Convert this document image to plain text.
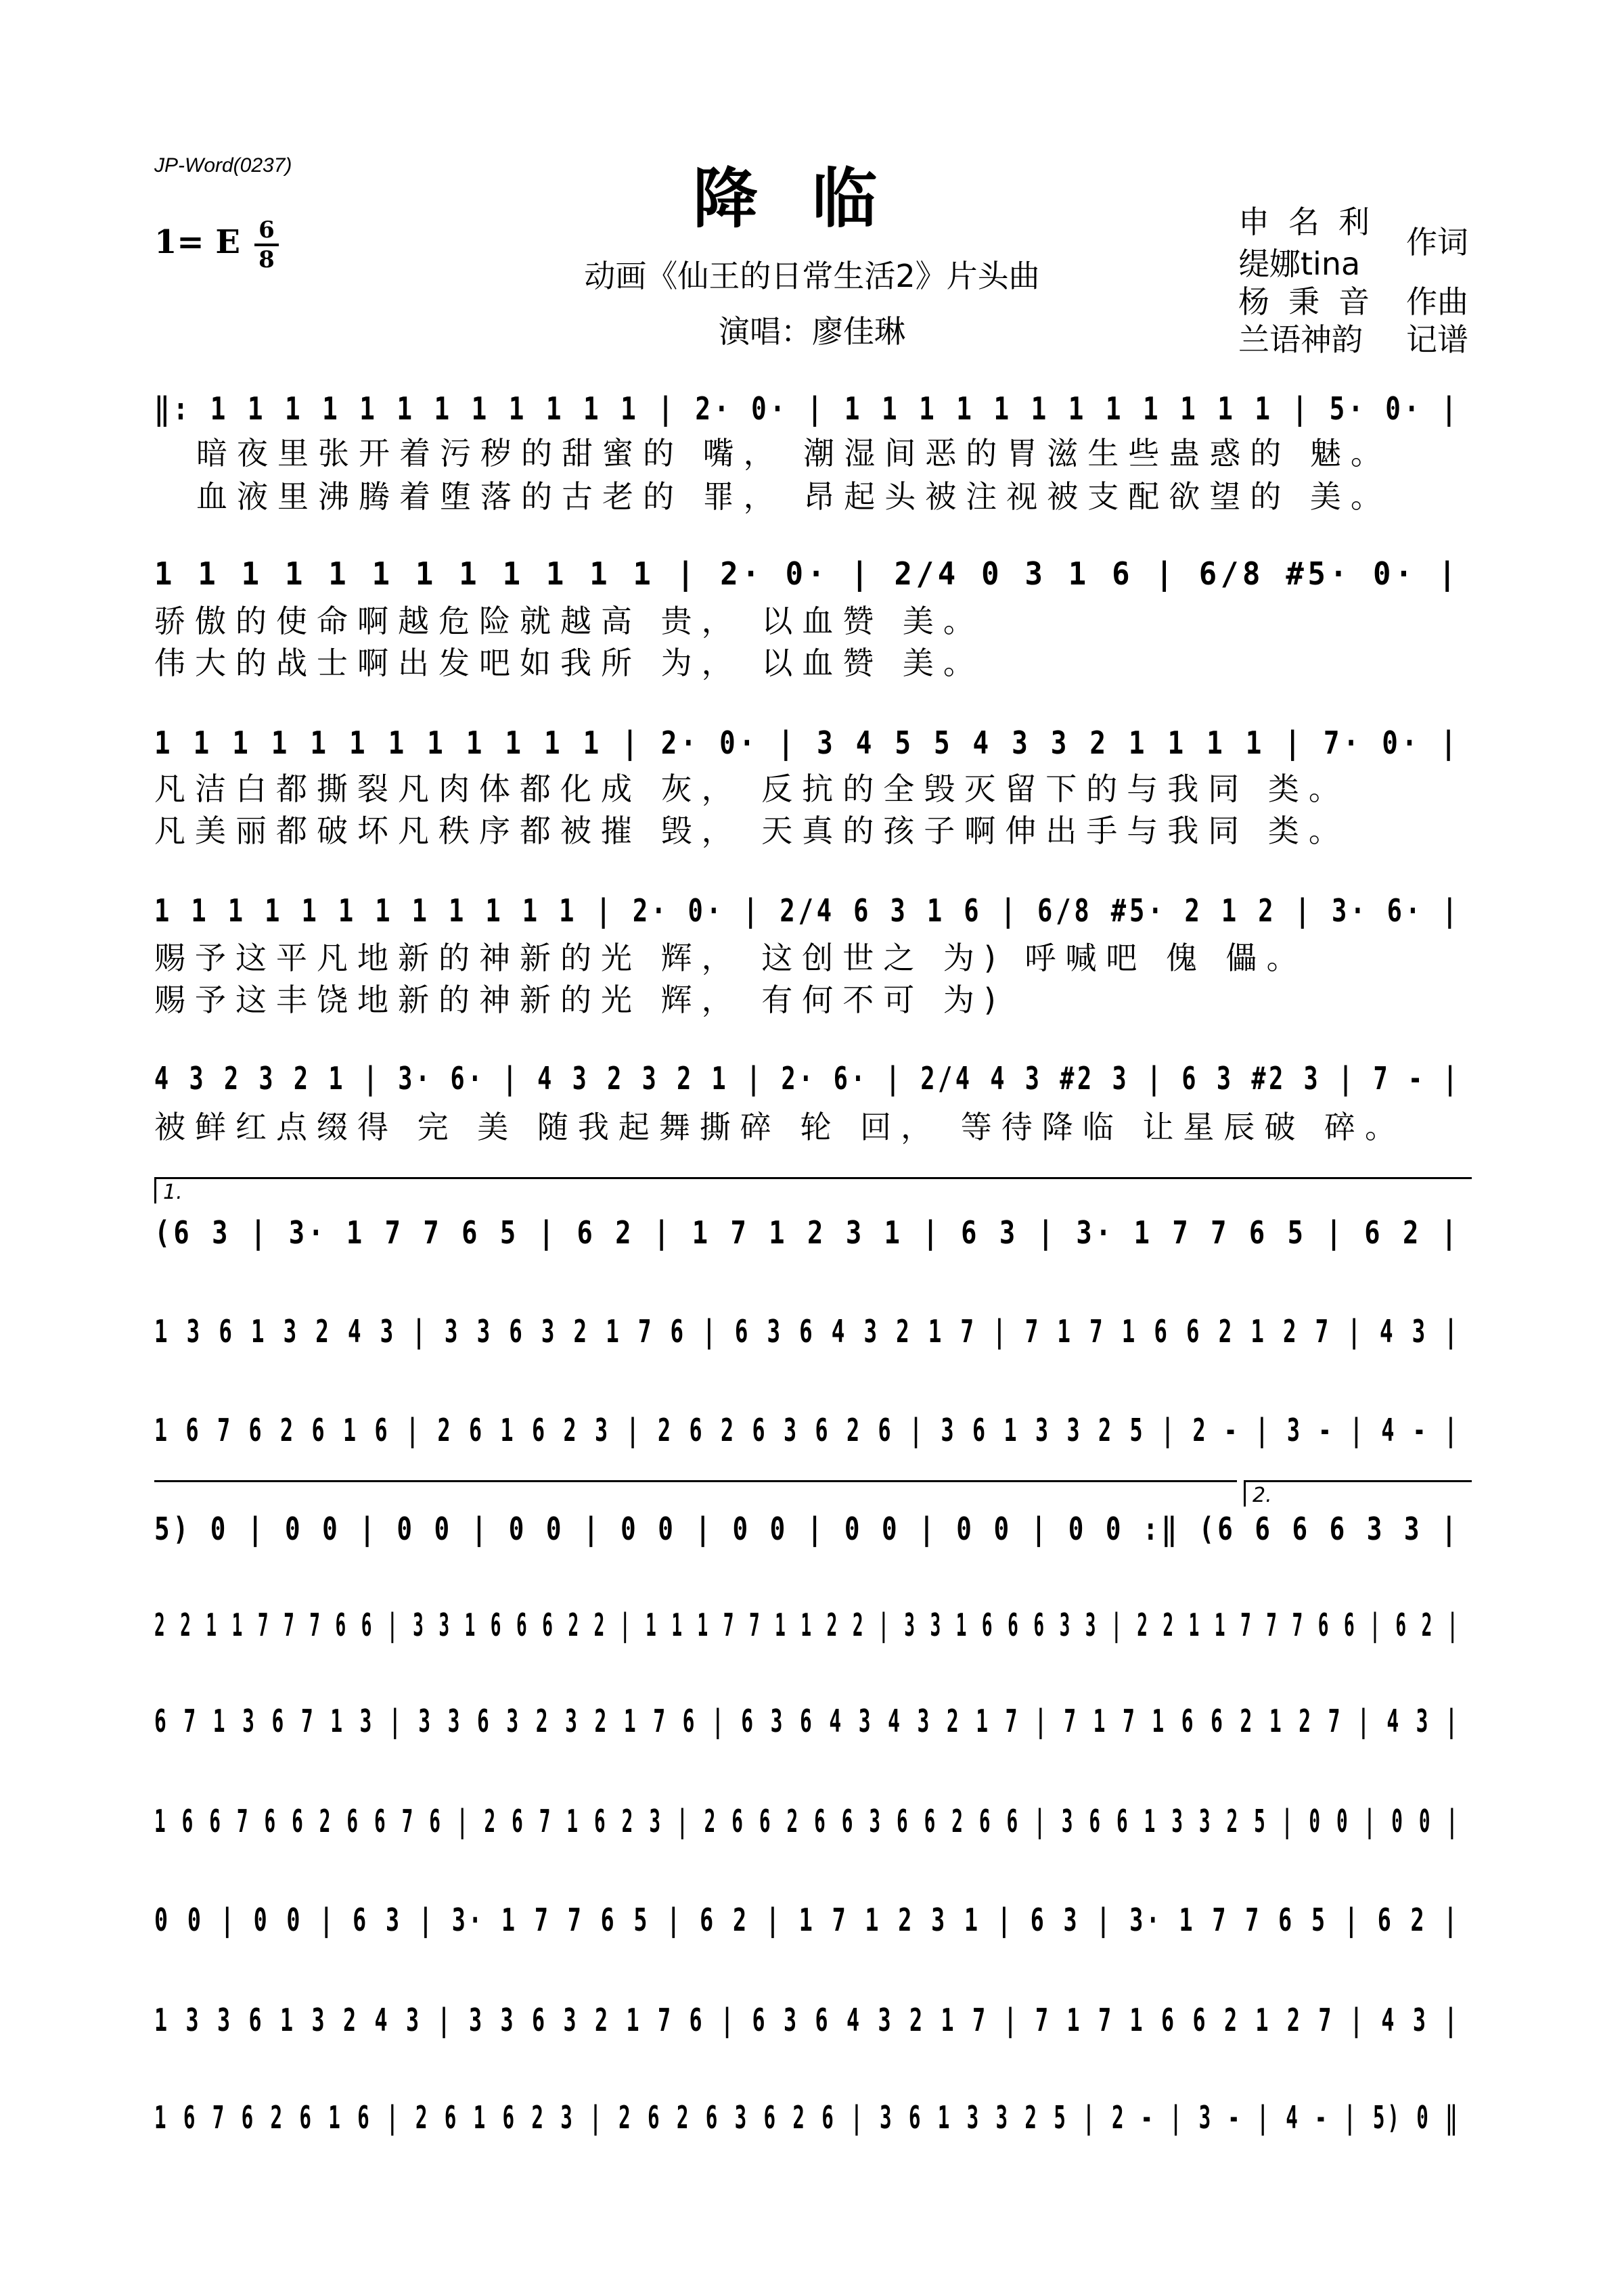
JP-Word(0237)
1= E 6
8
降临
动画《仙王的日常生活2》片头曲
演唱：廖佳琳
申名利
缇娜tina
作词
杨秉音 作曲
兰语神韵 记谱
‖: 1 1 1 1 1 1 1 1 1 1 1 1 | 2· 0· | 1 1 1 1 1 1 1 1 1 1 1 1 | 5· 0· |
暗夜里张开着污秽的甜蜜的 嘴， 潮湿间恶的胃滋生些蛊惑的 魅。
血液里沸腾着堕落的古老的 罪， 昂起头被注视被支配欲望的 美。
1 1 1 1 1 1 1 1 1 1 1 1 | 2· 0· | 2/4 0 3 1 6 | 6/8 #5· 0· |
骄傲的使命啊越危险就越高 贵， 以血赞 美。
伟大的战士啊出发吧如我所 为， 以血赞 美。
1 1 1 1 1 1 1 1 1 1 1 1 | 2· 0· | 3 4 5 5 4 3 3 2 1 1 1 1 | 7· 0· |
凡洁白都撕裂凡肉体都化成 灰， 反抗的全毁灭留下的与我同 类。
凡美丽都破坏凡秩序都被摧 毁， 天真的孩子啊伸出手与我同 类。
1 1 1 1 1 1 1 1 1 1 1 1 | 2· 0· | 2/4 6 3 1 6 | 6/8 #5· 2 1 2 | 3· 6· |
赐予这平凡地新的神新的光 辉， 这创世之 为) 呼喊吧 傀 儡。
赐予这丰饶地新的神新的光 辉， 有何不可 为)
4 3 2 3 2 1 | 3· 6· | 4 3 2 3 2 1 | 2· 6· | 2/4 4 3 #2 3 | 6 3 #2 3 | 7 - |
被鲜红点缀得 完 美 随我起舞撕碎 轮 回， 等待降临 让星辰破 碎。
1.
(6 3 | 3· 1 7 7 6 5 | 6 2 | 1 7 1 2 3 1 | 6 3 | 3· 1 7 7 6 5 | 6 2 |
1 3 6 1 3 2 4 3 | 3 3 6 3 2 1 7 6 | 6 3 6 4 3 2 1 7 | 7 1 7 1 6 6 2 1 2 7 | 4 3 |
1 6 7 6 2 6 1 6 | 2 6 1 6 2 3 | 2 6 2 6 3 6 2 6 | 3 6 1 3 3 2 5 | 2 - | 3 - | 4 - |
2.
5) 0 | 0 0 | 0 0 | 0 0 | 0 0 | 0 0 | 0 0 | 0 0 | 0 0 :‖ (6 6 6 6 3 3 |
2 2 1 1 7 7 7 6 6 | 3 3 1 6 6 6 2 2 | 1 1 1 7 7 1 1 2 2 | 3 3 1 6 6 6 3 3 | 2 2 1 1 7 7 7 6 6 | 6 2 |
6 7 1 3 6 7 1 3 | 3 3 6 3 2 3 2 1 7 6 | 6 3 6 4 3 4 3 2 1 7 | 7 1 7 1 6 6 2 1 2 7 | 4 3 |
1 6 6 7 6 6 2 6 6 7 6 | 2 6 7 1 6 2 3 | 2 6 6 2 6 6 3 6 6 2 6 6 | 3 6 6 1 3 3 2 5 | 0 0 | 0 0 |
0 0 | 0 0 | 6 3 | 3· 1 7 7 6 5 | 6 2 | 1 7 1 2 3 1 | 6 3 | 3· 1 7 7 6 5 | 6 2 |
1 3 3 6 1 3 2 4 3 | 3 3 6 3 2 1 7 6 | 6 3 6 4 3 2 1 7 | 7 1 7 1 6 6 2 1 2 7 | 4 3 |
1 6 7 6 2 6 1 6 | 2 6 1 6 2 3 | 2 6 2 6 3 6 2 6 | 3 6 1 3 3 2 5 | 2 - | 3 - | 4 - | 5) 0 ‖
